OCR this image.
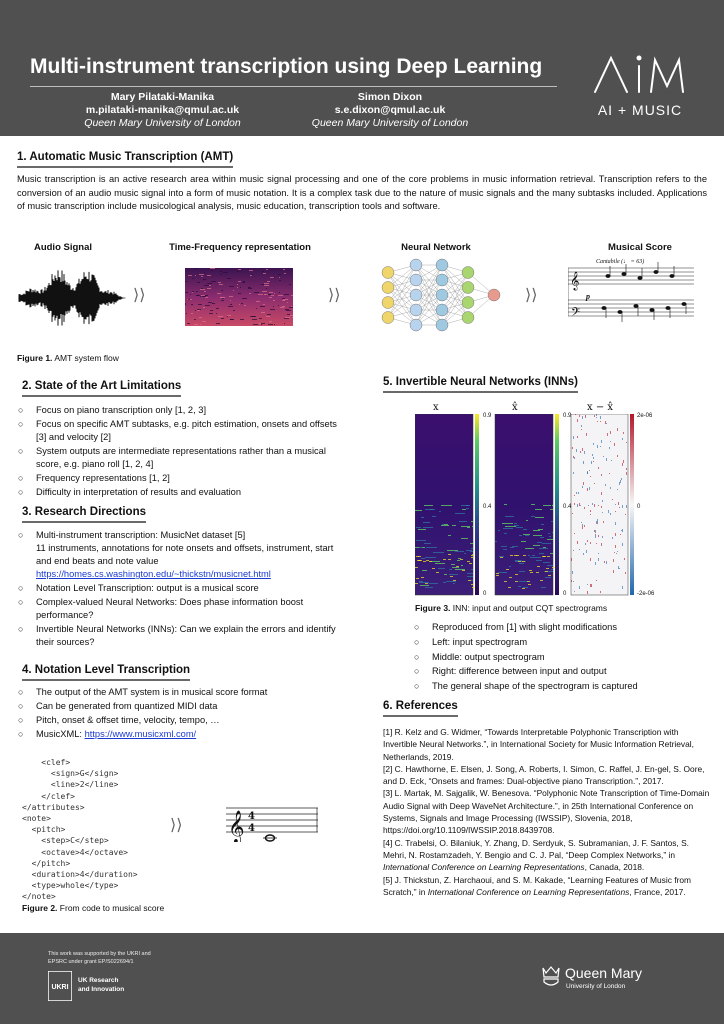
Multi-instrument transcription using Deep Learning
Mary Pilataki-Manika
m.pilataki-manika@qmul.ac.uk
Queen Mary University of London
Simon Dixon
s.e.dixon@qmul.ac.uk
Queen Mary University of London
AI + MUSIC
1. Automatic Music Transcription (AMT)
Music transcription is an active research area within music signal processing and one of the core problems in music information retrieval. Transcription refers to the conversion of an audio music signal into a form of music notation. It is a complex task due to the nature of music signals and the many subtasks included. Applications of music transcription include musicological analysis, music education, transcription tools and software.
Audio Signal	Time-Frequency representation	Neural Network	Musical Score
⟩⟩	⟩⟩	⟩⟩
Cantabile (♩ = 63)
p
𝄞
𝄢
Figure 1. AMT system flow
2. State of the Art Limitations
○ Focus on piano transcription only [1, 2, 3]
○ Focus on specific AMT subtasks, e.g. pitch estimation, onsets and offsets [3] and velocity [2]
○ System outputs are intermediate representations rather than a musical score, e.g. piano roll [1, 2, 4]
○ Frequency representations [1, 2]
○ Difficulty in interpretation of results and evaluation
3. Research Directions
○ Multi-instrument transcription: MusicNet dataset [5]
11 instruments, annotations for note onsets and offsets, instrument, start and end beats and note value
https://homes.cs.washington.edu/~thickstn/musicnet.html
○ Notation Level Transcription: output is a musical score
○ Complex-valued Neural Networks: Does phase information boost performance?
○ Invertible Neural Networks (INNs): Can we explain the errors and identify their sources?
4. Notation Level Transcription
○ The output of the AMT system is in musical score format
○ Can be generated from quantized MIDI data
○ Pitch, onset & offset time, velocity, tempo, …
○ MusicXML: https://www.musicxml.com/
<clef>
<sign>G</sign>
<line>2</line>
</clef>
</attributes>
<note>
<pitch>
<step>C</step>
<octave>4</octave>
</pitch>
<duration>4</duration>
<type>whole</type>
</note>
⟩⟩ 𝄞 4
4
Figure 2. From code to musical score
5. Invertible Neural Networks (INNs)
x	x̂	x − x̂
0.9
0.4
0
0.9
0.4
0
2e-06
0
-2e-06
Figure 3. INN: input and output CQT spectrograms
○ Reproduced from [1] with slight modifications
○ Left: input spectrogram
○ Middle: output spectrogram
○ Right: difference between input and output
○ The general shape of the spectrogram is captured
6. References

[1] R. Kelz and G. Widmer, “Towards Interpretable Polyphonic Transcription with Invertible Neural Networks.”, in International Society for Music Information Retrieval, Netherlands, 2019.

[2] C. Hawthorne, E. Elsen, J. Song, A. Roberts, I. Simon, C. Raffel, J. En-gel, S. Oore, and D. Eck, “Onsets and frames: Dual-objective piano Transcription.”, 2017.

[3] L. Martak, M. Sajgalik, W. Benesova. “Polyphonic Note Transcription of Time-Domain Audio Signal with Deep WaveNet Architecture.”, in 25th International Conference on Systems, Signals and Image Processing (IWSSIP), Slovenia, 2018, https://doi.org/10.1109/IWSSIP.2018.8439708.

[4] C. Trabelsi, O. Bilaniuk, Y. Zhang, D. Serdyuk, S. Subramanian, J. F. Santos, S. Mehri, N. Rostamzadeh, Y. Bengio and C. J. Pal, “Deep Complex Networks,” in International Conference on Learning Representations, Canada, 2018.

[5] J. Thickstun, Z. Harchaoui, and S. M. Kakade, “Learning Features of Music from Scratch,” in International Conference on Learning Representations, France, 2017.

This work was supported by the UKRI and
EPSRC under grant EP/S022694/1
UKRI
UK Research
and Innovation
Queen Mary
University of London
